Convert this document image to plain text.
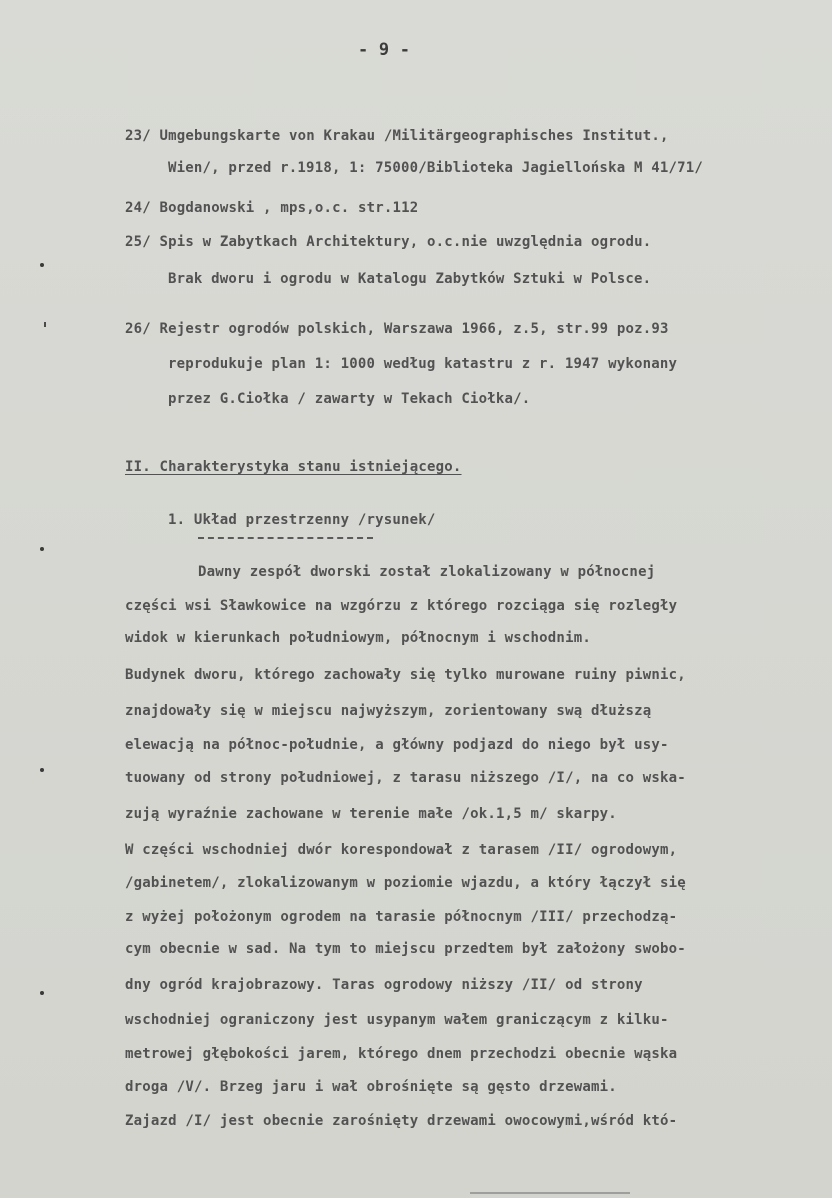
- 9 -
23/ Umgebungskarte von Krakau /Militärgeographisches Institut.,
Wien/, przed r.1918, 1: 75000/Biblioteka Jagiellońska M 41/71/
24/ Bogdanowski , mps,o.c. str.112
25/ Spis w Zabytkach Architektury, o.c.nie uwzględnia ogrodu.
Brak dworu i ogrodu w Katalogu Zabytków Sztuki w Polsce.
26/ Rejestr ogrodów polskich, Warszawa 1966, z.5, str.99 poz.93
reprodukuje plan 1: 1000 według katastru z r. 1947 wykonany
przez G.Ciołka / zawarty w Tekach Ciołka/.
II. Charakterystyka stanu istniejącego.
1. Układ przestrzenny /rysunek/
Dawny zespół dworski został zlokalizowany w północnej
części wsi Sławkowice na wzgórzu z którego rozciąga się rozległy
widok w kierunkach południowym, północnym i wschodnim.
Budynek dworu, którego zachowały się tylko murowane ruiny piwnic,
znajdowały się w miejscu najwyższym, zorientowany swą dłuższą
elewacją na północ-południe, a główny podjazd do niego był usy-
tuowany od strony południowej, z tarasu niższego /I/, na co wska-
zują wyraźnie zachowane w terenie małe /ok.1,5 m/ skarpy.
W części wschodniej dwór korespondował z tarasem /II/ ogrodowym,
/gabinetem/, zlokalizowanym w poziomie wjazdu, a który łączył się
z wyżej położonym ogrodem na tarasie północnym /III/ przechodzą-
cym obecnie w sad. Na tym to miejscu przedtem był założony swobo-
dny ogród krajobrazowy. Taras ogrodowy niższy /II/ od strony
wschodniej ograniczony jest usypanym wałem graniczącym z kilku-
metrowej głębokości jarem, którego dnem przechodzi obecnie wąska
droga /V/. Brzeg jaru i wał obrośnięte są gęsto drzewami.
Zajazd /I/ jest obecnie zarośnięty drzewami owocowymi,wśród któ-
